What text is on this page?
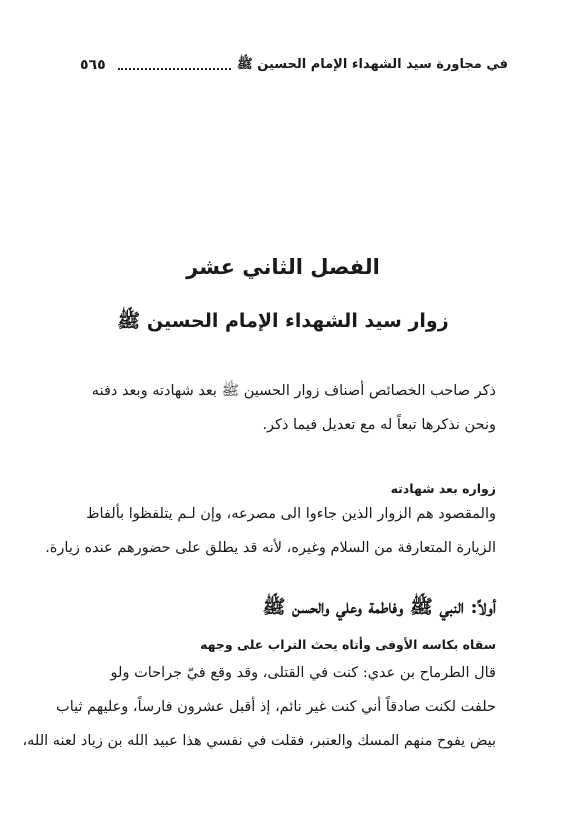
٥٦٥	في مجاورة سيد الشهداء الإمام الحسين ﷺ
الفصل الثاني عشر
زوار سيد الشهداء الإمام الحسين ﷺ
ذكر صاحب الخصائص أصناف زوار الحسين ﷺ بعد شهادته وبعد دفنه
ونحن نذكرها تبعاً له مع تعديل فيما ذكر.
زواره بعد شهادته
والمقصود هم الزوار الذين جاءوا الى مصرعه، وإن لـم يتلفظوا بألفاظ
الزيارة المتعارفة من السلام وغيره، لأنه قد يطلق على حضورهم عنده زيارة.
أولاً: النبي ﷺ وفاطمة وعلي والحسن ﷺ
سقاه بكاسه الأوفى وأتاه يحث التراب على وجهه
قال الطرماح بن عدي: كنت في القتلى، وقد وقع فيّ جراحات ولو
حلفت لكنت صادقاً أني كنت غير نائم، إذ أقبل عشرون فارساً، وعليهم ثياب
بيض يفوح منهم المسك والعنبر، فقلت في نفسي هذا عبيد الله بن زياد لعنه الله،
